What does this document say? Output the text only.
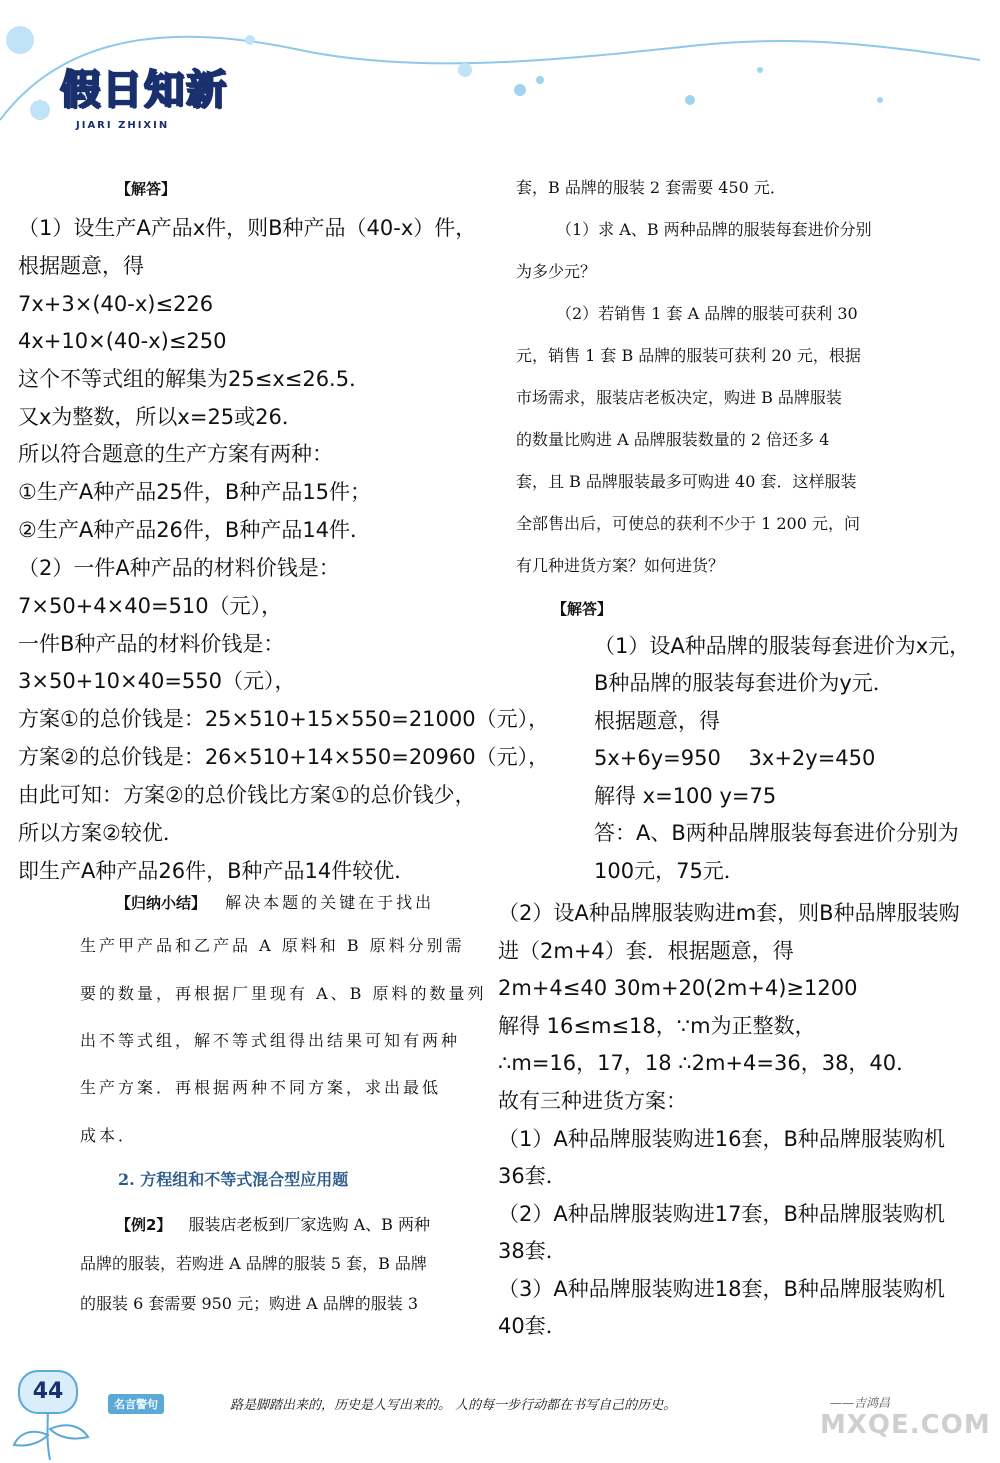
假日知新
JIARI ZHIXIN
【解答】
（1）设生产A产品x件，则B种产品（40-x）件，
根据题意，得
7x+3×(40-x)≤226
4x+10×(40-x)≤250
这个不等式组的解集为25≤x≤26.5．
又x为整数，所以x=25或26．
所以符合题意的生产方案有两种：
①生产A种产品25件，B种产品15件；
②生产A种产品26件，B种产品14件．
（2）一件A种产品的材料价钱是：
7×50+4×40=510（元），
一件B种产品的材料价钱是：
3×50+10×40=550（元），
方案①的总价钱是：25×510+15×550=21000（元），
方案②的总价钱是：26×510+14×550=20960（元），
由此可知：方案②的总价钱比方案①的总价钱少，
所以方案②较优．
即生产A种产品26件，B种产品14件较优．
【归纳小结】 解决本题的关键在于找出
生产甲产品和乙产品 A 原料和 B 原料分别需
要的数量，再根据厂里现有 A、B 原料的数量列
出不等式组，解不等式组得出结果可知有两种
生产方案．再根据两种不同方案，求出最低
成本．
2. 方程组和不等式混合型应用题
【例2】 服装店老板到厂家选购 A、B 两种
品牌的服装，若购进 A 品牌的服装 5 套，B 品牌
的服装 6 套需要 950 元；购进 A 品牌的服装 3
套，B 品牌的服装 2 套需要 450 元．
（1）求 A、B 两种品牌的服装每套进价分别
为多少元？
（2）若销售 1 套 A 品牌的服装可获利 30
元，销售 1 套 B 品牌的服装可获利 20 元，根据
市场需求，服装店老板决定，购进 B 品牌服装
的数量比购进 A 品牌服装数量的 2 倍还多 4
套，且 B 品牌服装最多可购进 40 套．这样服装
全部售出后，可使总的获利不少于 1 200 元，问
有几种进货方案？如何进货？
【解答】
（1）设A种品牌的服装每套进价为x元，
B种品牌的服装每套进价为y元．
根据题意，得
5x+6y=950　 3x+2y=450
解得 x=100 y=75
答：A、B两种品牌服装每套进价分别为
100元，75元．
（2）设A种品牌服装购进m套，则B种品牌服装购
进（2m+4）套．根据题意，得
2m+4≤40 30m+20(2m+4)≥1200
解得 16≤m≤18，∵m为正整数，
∴m=16，17，18 ∴2m+4=36，38，40．
故有三种进货方案：
（1）A种品牌服装购进16套，B种品牌服装购机
36套．
（2）A种品牌服装购进17套，B种品牌服装购机
38套．
（3）A种品牌服装购进18套，B种品牌服装购机
40套．
44
名言警句	路是脚踏出来的，历史是人写出来的。 人的每一步行动都在书写自己的历史。	——吉鸿昌
MXQE.COM
